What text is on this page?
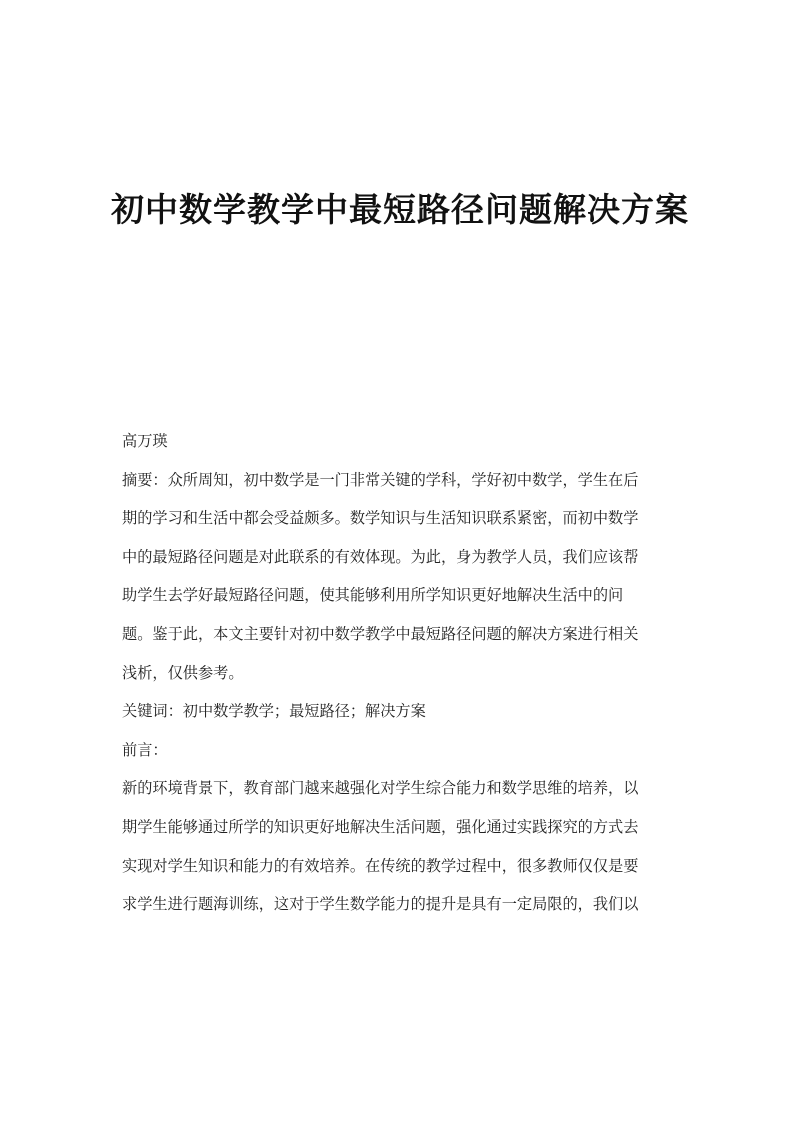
初中数学教学中最短路径问题解决方案
高万瑛
摘要：众所周知，初中数学是一门非常关键的学科，学好初中数学，学生在后
期的学习和生活中都会受益颇多。数学知识与生活知识联系紧密，而初中数学
中的最短路径问题是对此联系的有效体现。为此，身为教学人员，我们应该帮
助学生去学好最短路径问题，使其能够利用所学知识更好地解决生活中的问
题。鉴于此，本文主要针对初中数学教学中最短路径问题的解决方案进行相关
浅析，仅供参考。
关键词：初中数学教学；最短路径；解决方案
前言：
新的环境背景下，教育部门越来越强化对学生综合能力和数学思维的培养，以
期学生能够通过所学的知识更好地解决生活问题，强化通过实践探究的方式去
实现对学生知识和能力的有效培养。在传统的教学过程中，很多教师仅仅是要
求学生进行题海训练，这对于学生数学能力的提升是具有一定局限的，我们以
